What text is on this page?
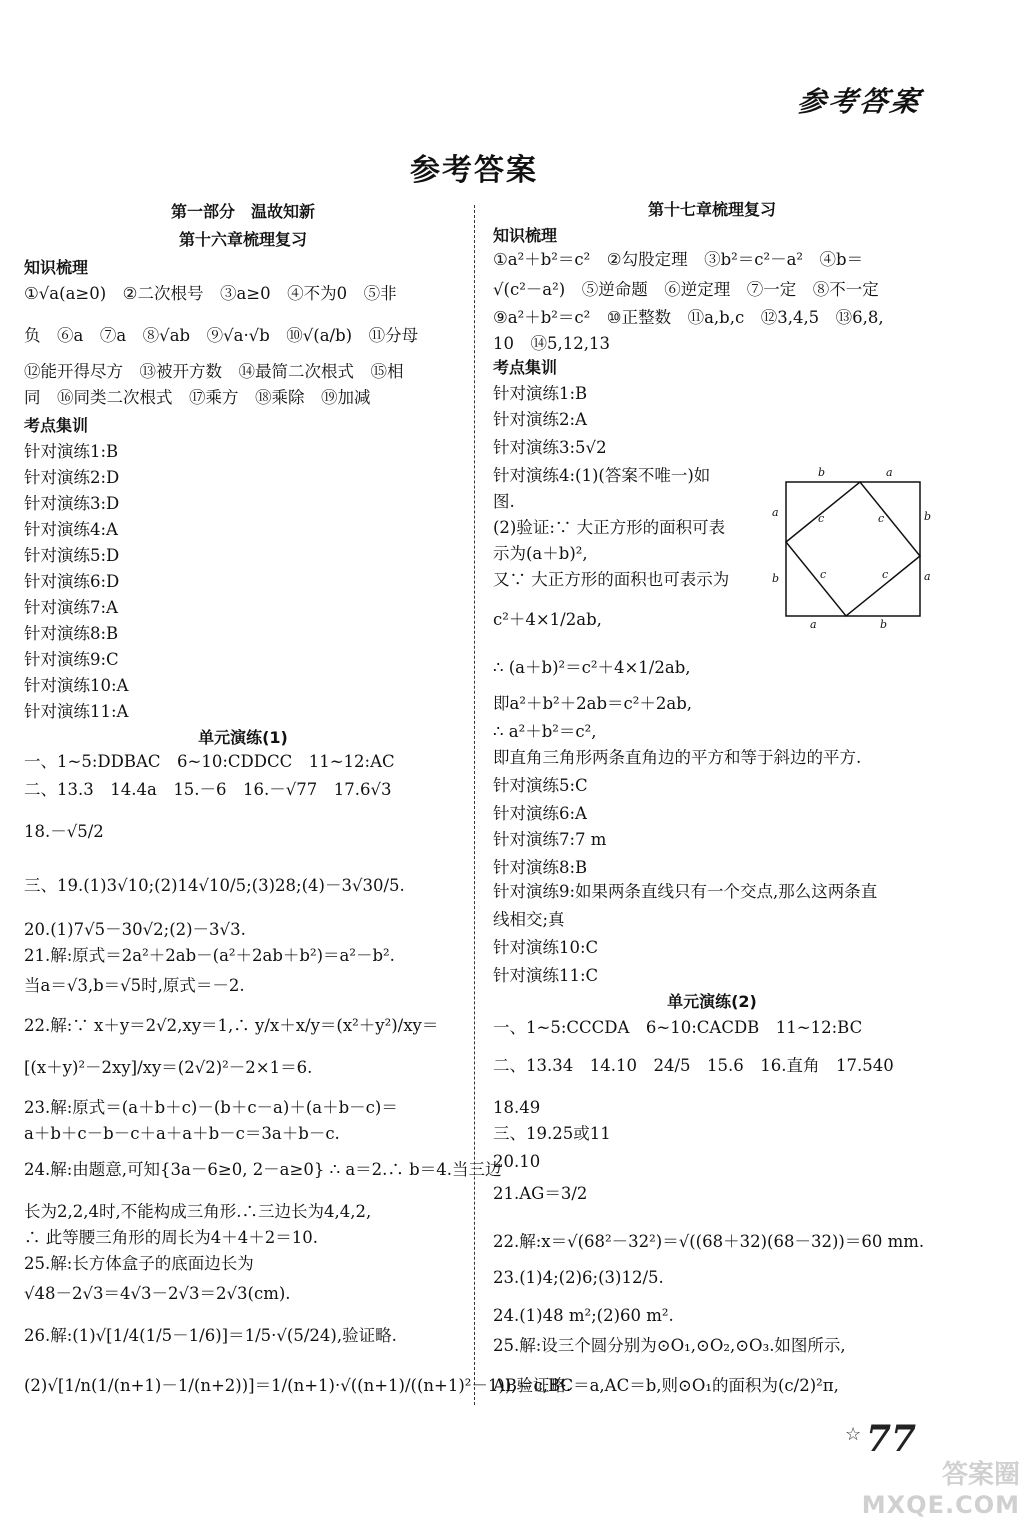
参考答案
参考答案
第一部分　温故知新
第十六章梳理复习
知识梳理
①√a(a≥0)　②二次根号　③a≥0　④不为0　⑤非
负　⑥a　⑦a　⑧√ab　⑨√a·√b　⑩√(a/b)　⑪分母
⑫能开得尽方　⑬被开方数　⑭最简二次根式　⑮相
同　⑯同类二次根式　⑰乘方　⑱乘除　⑲加减
考点集训
针对演练1:B
针对演练2:D
针对演练3:D
针对演练4:A
针对演练5:D
针对演练6:D
针对演练7:A
针对演练8:B
针对演练9:C
针对演练10:A
针对演练11:A
单元演练(1)
一、1~5:DDBAC　6~10:CDDCC　11~12:AC
二、13.3　14.4a　15.－6　16.－√77　17.6√3
18.－√5/2
三、19.(1)3√10;(2)14√10/5;(3)28;(4)－3√30/5.
20.(1)7√5－30√2;(2)－3√3.
21.解:原式＝2a²＋2ab－(a²＋2ab＋b²)＝a²－b².
当a＝√3,b＝√5时,原式＝－2.
22.解:∵ x＋y＝2√2,xy＝1,∴ y/x＋x/y＝(x²＋y²)/xy＝
[(x＋y)²－2xy]/xy＝(2√2)²－2×1＝6.
23.解:原式＝(a＋b＋c)－(b＋c－a)＋(a＋b－c)＝
a＋b＋c－b－c＋a＋a＋b－c＝3a＋b－c.
24.解:由题意,可知{3a－6≥0, 2－a≥0} ∴ a＝2.∴ b＝4.当三边
长为2,2,4时,不能构成三角形.∴三边长为4,4,2,
∴ 此等腰三角形的周长为4＋4＋2＝10.
25.解:长方体盒子的底面边长为
√48－2√3＝4√3－2√3＝2√3(cm).
26.解:(1)√[1/4(1/5－1/6)]＝1/5·√(5/24),验证略.
(2)√[1/n(1/(n+1)－1/(n+2))]＝1/(n+1)·√((n+1)/((n+1)²－1)),验证略.
第十七章梳理复习
知识梳理
①a²＋b²＝c²　②勾股定理　③b²＝c²－a²　④b＝
√(c²－a²)　⑤逆命题　⑥逆定理　⑦一定　⑧不一定
⑨a²＋b²＝c²　⑩正整数　⑪a,b,c　⑫3,4,5　⑬6,8,
10　⑭5,12,13
考点集训
针对演练1:B
针对演练2:A
针对演练3:5√2
针对演练4:(1)(答案不唯一)如
图.
(2)验证:∵ 大正方形的面积可表
示为(a＋b)²,
又∵ 大正方形的面积也可表示为
c²＋4×1/2ab,
∴ (a＋b)²＝c²＋4×1/2ab,
即a²＋b²＋2ab＝c²＋2ab,
∴ a²＋b²＝c²,
即直角三角形两条直角边的平方和等于斜边的平方.
针对演练5:C
针对演练6:A
针对演练7:7 m
针对演练8:B
针对演练9:如果两条直线只有一个交点,那么这两条直
线相交;真
针对演练10:C
针对演练11:C
单元演练(2)
一、1~5:CCCDA　6~10:CACDB　11~12:BC
二、13.34　14.10　24/5　15.6　16.直角　17.540
18.49
三、19.25或11
20.10
21.AG＝3/2
22.解:x＝√(68²－32²)＝√((68＋32)(68－32))＝60 mm.
23.(1)4;(2)6;(3)12/5.
24.(1)48 m²;(2)60 m².
25.解:设三个圆分别为⊙O₁,⊙O₂,⊙O₃.如图所示,
AB＝c,BC＝a,AC＝b,则⊙O₁的面积为(c/2)²π,
b	a
a
b
b
a
a	b
c	c
c	c
☆ 77
答案圈
MXQE.COM
